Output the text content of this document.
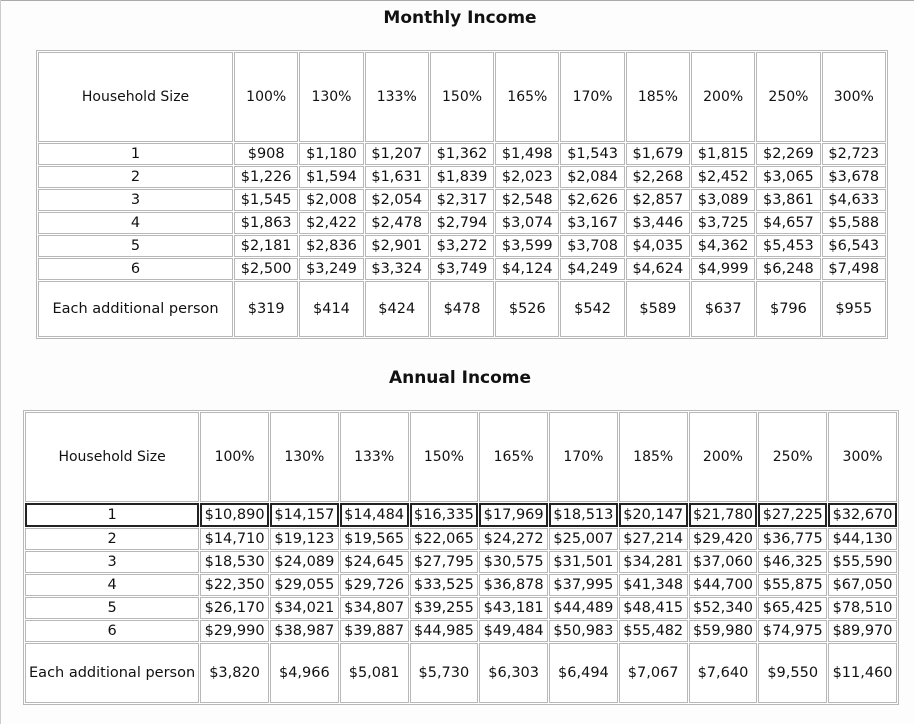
Monthly Income
Household Size	100%	130%	133%	150%	165%	170%	185%	200%	250%	300%
1	$908	$1,180	$1,207	$1,362	$1,498	$1,543	$1,679	$1,815	$2,269	$2,723
2	$1,226	$1,594	$1,631	$1,839	$2,023	$2,084	$2,268	$2,452	$3,065	$3,678
3	$1,545	$2,008	$2,054	$2,317	$2,548	$2,626	$2,857	$3,089	$3,861	$4,633
4	$1,863	$2,422	$2,478	$2,794	$3,074	$3,167	$3,446	$3,725	$4,657	$5,588
5	$2,181	$2,836	$2,901	$3,272	$3,599	$3,708	$4,035	$4,362	$5,453	$6,543
6	$2,500	$3,249	$3,324	$3,749	$4,124	$4,249	$4,624	$4,999	$6,248	$7,498
Each additional person	$319	$414	$424	$478	$526	$542	$589	$637	$796	$955
Annual Income
Household Size	100%	130%	133%	150%	165%	170%	185%	200%	250%	300%
1	$10,890	$14,157	$14,484	$16,335	$17,969	$18,513	$20,147	$21,780	$27,225	$32,670
2	$14,710	$19,123	$19,565	$22,065	$24,272	$25,007	$27,214	$29,420	$36,775	$44,130
3	$18,530	$24,089	$24,645	$27,795	$30,575	$31,501	$34,281	$37,060	$46,325	$55,590
4	$22,350	$29,055	$29,726	$33,525	$36,878	$37,995	$41,348	$44,700	$55,875	$67,050
5	$26,170	$34,021	$34,807	$39,255	$43,181	$44,489	$48,415	$52,340	$65,425	$78,510
6	$29,990	$38,987	$39,887	$44,985	$49,484	$50,983	$55,482	$59,980	$74,975	$89,970
Each additional person	$3,820	$4,966	$5,081	$5,730	$6,303	$6,494	$7,067	$7,640	$9,550	$11,460
